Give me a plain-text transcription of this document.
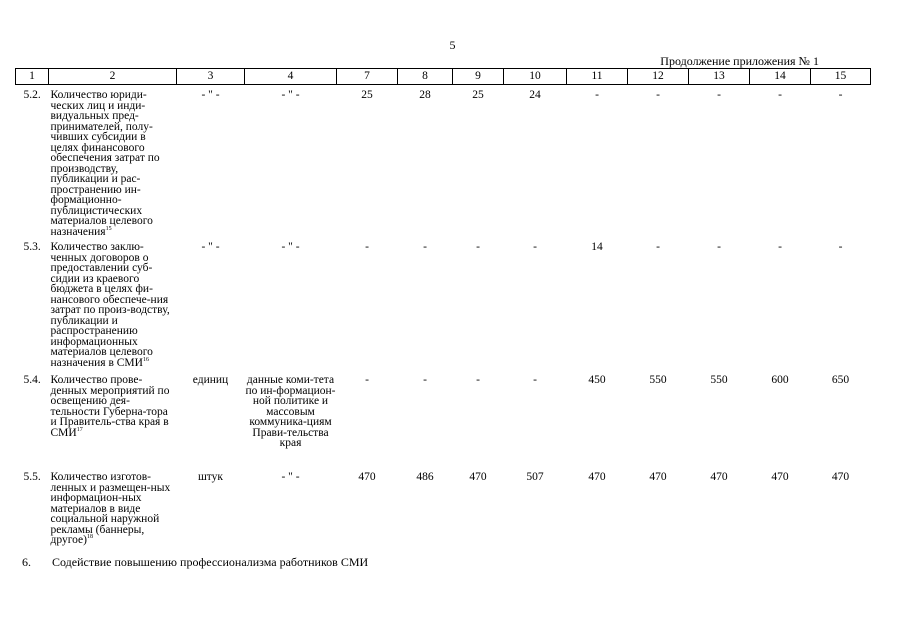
5
Продолжение приложения № 1
1	2	3	4	7	8	9	10	11	12	13	14	15
5.2.	Количество юриди-ческих лиц и инди-видуальных пред-принимателей, полу-чивших субсидии в целях финансового обеспечения затрат по производству, публикации и рас-пространению ин-формационно-публицистических материалов целевого назначения$^{15}$	- " -	- " -	25	28	25	24	-	-	-	-	-
5.3.	Количество заклю-ченных договоров о предоставлении суб-сидии из краевого бюджета в целях фи-нансового обеспече-ния затрат по произ-водству, публикации и распространению информационных материалов целевого назначения в СМИ$^{16}$	- " -	- " -	-	-	-	-	14	-	-	-	-
5.4.	Количество прове-денных мероприятий по освещению дея-тельности Губерна-тора и Правитель-ства края в СМИ$^{17}$	единиц	данные коми-тета по ин-формацион-ной политике и массовым коммуника-циям Прави-тельства края	-	-	-	-	450	550	550	600	650
5.5.	Количество изготов-ленных и размещен-ных информацион-ных материалов в виде социальной наружной рекламы (баннеры, другое)$^{18}$	штук	- " -	470	486	470	507	470	470	470	470	470
6. Содействие повышению профессионализма работников СМИ
